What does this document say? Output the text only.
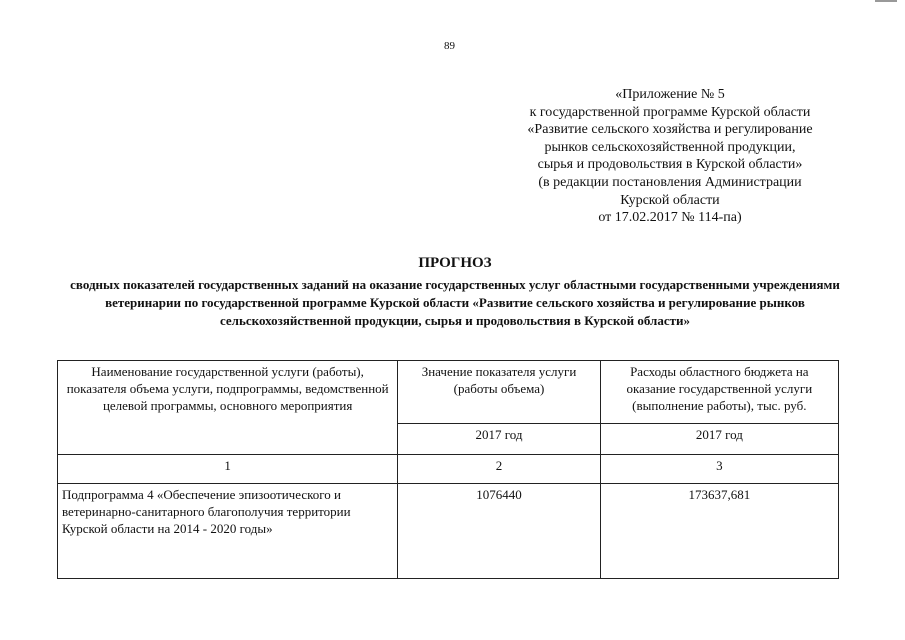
89
«Приложение № 5
к государственной программе Курской области
«Развитие сельского хозяйства и регулирование
рынков сельскохозяйственной продукции,
сырья и продовольствия в Курской области»
(в редакции постановления Администрации
Курской области
от 17.02.2017 № 114-па)
ПРОГНОЗ
сводных показателей государственных заданий на оказание государственных услуг областными государственными учреждениями ветеринарии по государственной программе Курской области «Развитие сельского хозяйства и регулирование рынков сельскохозяйственной продукции, сырья и продовольствия в Курской области»
Наименование государственной услуги (работы), показателя объема услуги, подпрограммы, ведомственной целевой программы, основного мероприятия	Значение показателя услуги (работы объема)	Расходы областного бюджета на оказание государственной услуги (выполнение работы), тыс. руб.
	2017 год	2017 год
1	2	3
Подпрограмма 4 «Обеспечение эпизоотического и ветеринарно-санитарного благополучия территории Курской области на 2014 - 2020 годы»	1076440	173637,681
